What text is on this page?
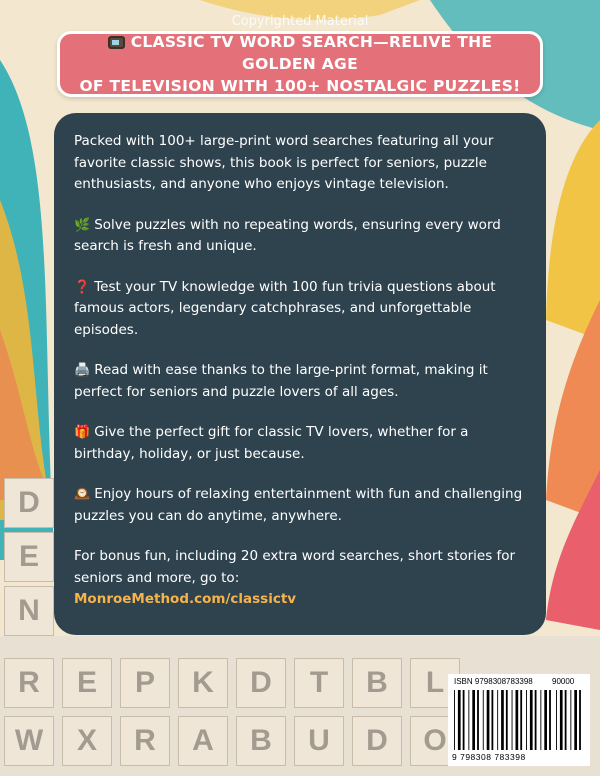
Copyrighted Material
CLASSIC TV WORD SEARCH—RELIVE THE GOLDEN AGE
OF TELEVISION WITH 100+ NOSTALGIC PUZZLES!
D
E
N
R	E	P	K	D	T	B	L
W	X	R	A	B	U	D	O

Packed with 100+ large-print word searches featuring all your favorite classic shows, this book is perfect for seniors, puzzle enthusiasts, and anyone who enjoys vintage television.

🌿 Solve puzzles with no repeating words, ensuring every word search is fresh and unique.

❓ Test your TV knowledge with 100 fun trivia questions about famous actors, legendary catchphrases, and unforgettable episodes.

🖨️ Read with ease thanks to the large-print format, making it perfect for seniors and puzzle lovers of all ages.

🎁 Give the perfect gift for classic TV lovers, whether for a birthday, holiday, or just because.

🕰️ Enjoy hours of relaxing entertainment with fun and challenging puzzles you can do anytime, anywhere.

For bonus fun, including 20 extra word searches, short stories for seniors and more, go to:
MonroeMethod.com/classictv

ISBN 9798308783398	90000
9 798308 783398
